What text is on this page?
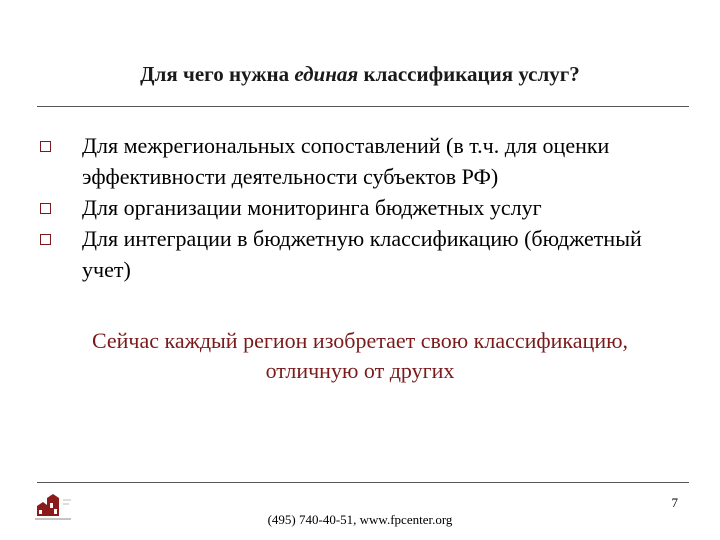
Для чего нужна единая классификация услуг?
Для межрегиональных сопоставлений (в т.ч. для оценки эффективности деятельности субъектов РФ)
Для организации мониторинга бюджетных услуг
Для интеграции в бюджетную классификацию (бюджетный учет)
Сейчас каждый регион изобретает свою классификацию,
отличную от других
7
(495) 740-40-51, www.fpcenter.org
